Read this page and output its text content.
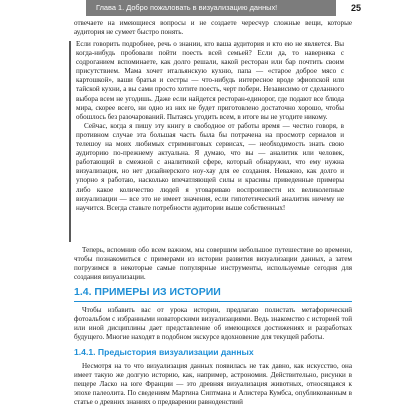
Глава 1. Добро пожаловать в визуализацию данных!	25

отвечаете на имеющиеся вопросы и не создаете чересчур сложные вещи, которые аудитория не сумеет быстро понять.

Если говорить подробнее, речь о знании, кто ваша аудитория и кто ею не является. Вы когда-нибудь пробовали пойти поесть всей семьей? Если да, то наверняка с содроганием вспоминаете, как долго решали, какой ресторан или бар почтить своим присутствием. Мама хочет итальянскую кухню, папа — «старое доброе мясо с картошкой», ваши братья и сестры — что-нибудь интересное вроде эфиопской или тайской кухни, а вы сами просто хотите поесть, черт побери. Независимо от сделанного выбора всем не угодишь. Даже если найдется ресторан-единорог, где подают все блюда мира, скорее всего, ни одно из них не будет приготовлено достаточно хорошо, чтобы обошлось без разочарований. Пытаясь угодить всем, в итоге вы не угодите никому.

Сейчас, когда я пишу эту книгу в свободное от работы время — честно говоря, в противном случае эта большая часть была бы потрачена на просмотр сериалов и телешоу на моих любимых стриминговых сервисах, — необходимость знать свою аудиторию по-прежнему актуальна. Я думаю, что вы — аналитик или человек, работающий в смежной с аналитикой сфере, который обнаружил, что ему нужна визуализация, но нет дизайнерского ноу-хау для ее создания. Неважно, как долго и упорно я работаю, насколько впечатляющей силы и красивы приведенные примеры либо какое количество людей я уговариваю воспроизвести их великолепные визуализации — все это не имеет значения, если гипотетический аналитик ничему не научится. Всегда ставьте потребности аудитории выше собственных!

Теперь, вспомнив обо всем важном, мы совершим небольшое путешествие во времени, чтобы познакомиться с примерами из истории развития визуализации данных, а затем погрузимся в некоторые самые популярные инструменты, используемые сегодня для создания визуализации.

1.4. ПРИМЕРЫ ИЗ ИСТОРИИ

Чтобы избавить вас от урока истории, предлагаю полистать метафорический фотоальбом с избранными новаторскими визуализациями. Ведь знакомство с историей той или иной дисциплины дает представление об имеющихся достижениях и разработках будущего. Многие находят в подобном экскурсе вдохновение для текущей работы.

1.4.1. Предыстория визуализации данных

Несмотря на то что визуализация данных появилась не так давно, как искусство, она имеет такую же долгую историю, как, например, астрономия. Действительно, рисунки в пещере Ласко на юге Франции — это древняя визуализация животных, относящаяся к эпохе палеолита. По сведениям Мартина Сиптмана и Алистера Кумбса, опубликованным в статье о древних знаниях о предварении равноденствий
